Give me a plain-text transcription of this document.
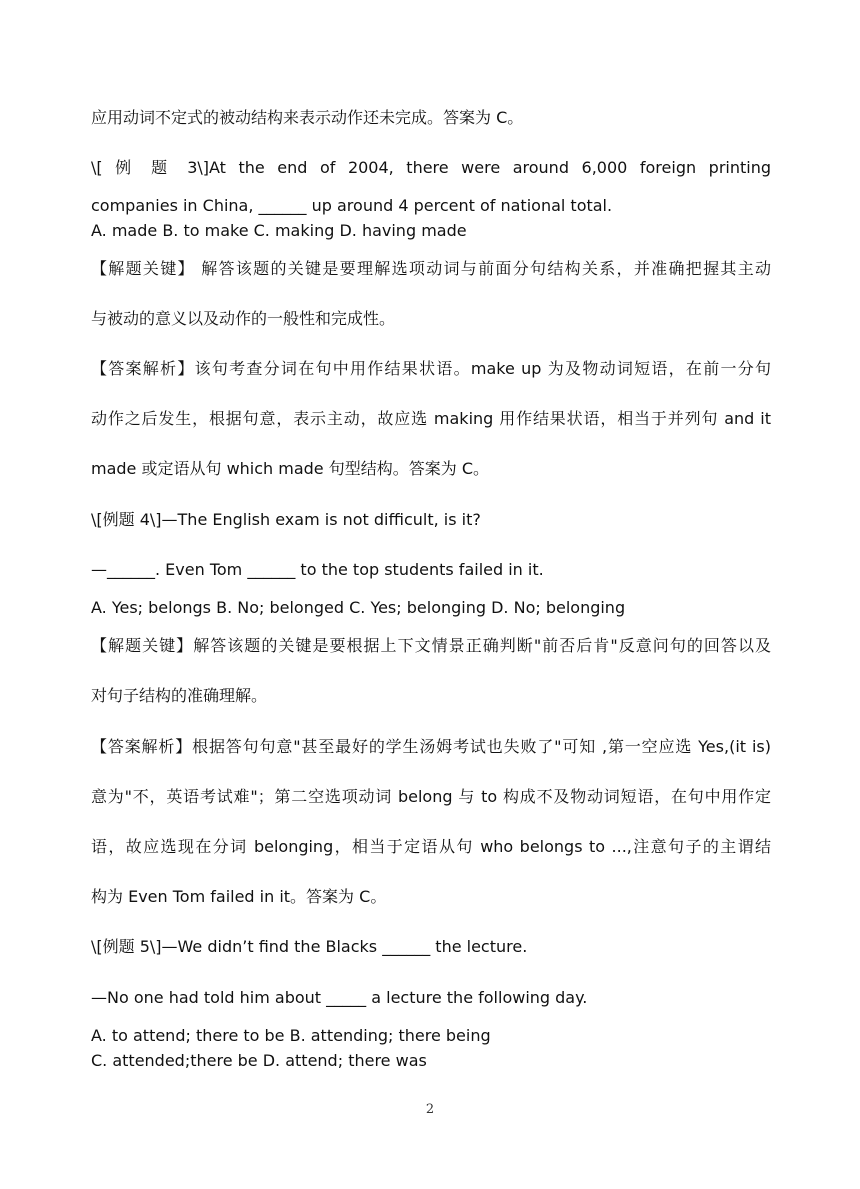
应用动词不定式的被动结构来表示动作还未完成。答案为 C。

\[ 例 题 3\]At the end of 2004, there were around 6,000 foreign printing

companies in China, ______ up around 4 percent of national total.

A. made B. to make C. making D. having made

【解题关键】 解答该题的关键是要理解选项动词与前面分句结构关系，并准确把握其主动

与被动的意义以及动作的一般性和完成性。

【答案解析】该句考查分词在句中用作结果状语。make up 为及物动词短语，在前一分句

动作之后发生，根据句意，表示主动，故应选 making 用作结果状语，相当于并列句 and it

made 或定语从句 which made 句型结构。答案为 C。

\[例题 4\]—The English exam is not difficult, is it?

—______. Even Tom ______ to the top students failed in it.

A. Yes; belongs B. No; belonged C. Yes; belonging D. No; belonging

【解题关键】解答该题的关键是要根据上下文情景正确判断"前否后肯"反意问句的回答以及

对句子结构的准确理解。

【答案解析】根据答句句意"甚至最好的学生汤姆考试也失败了"可知 ,第一空应选 Yes,(it is)

意为"不，英语考试难"；第二空选项动词 belong 与 to 构成不及物动词短语，在句中用作定

语，故应选现在分词 belonging，相当于定语从句 who belongs to ...,注意句子的主谓结

构为 Even Tom failed in it。答案为 C。

\[例题 5\]—We didn’t find the Blacks ______ the lecture.

—No one had told him about _____ a lecture the following day.

A. to attend; there to be B. attending; there being

C. attended;there be D. attend; there was

2
